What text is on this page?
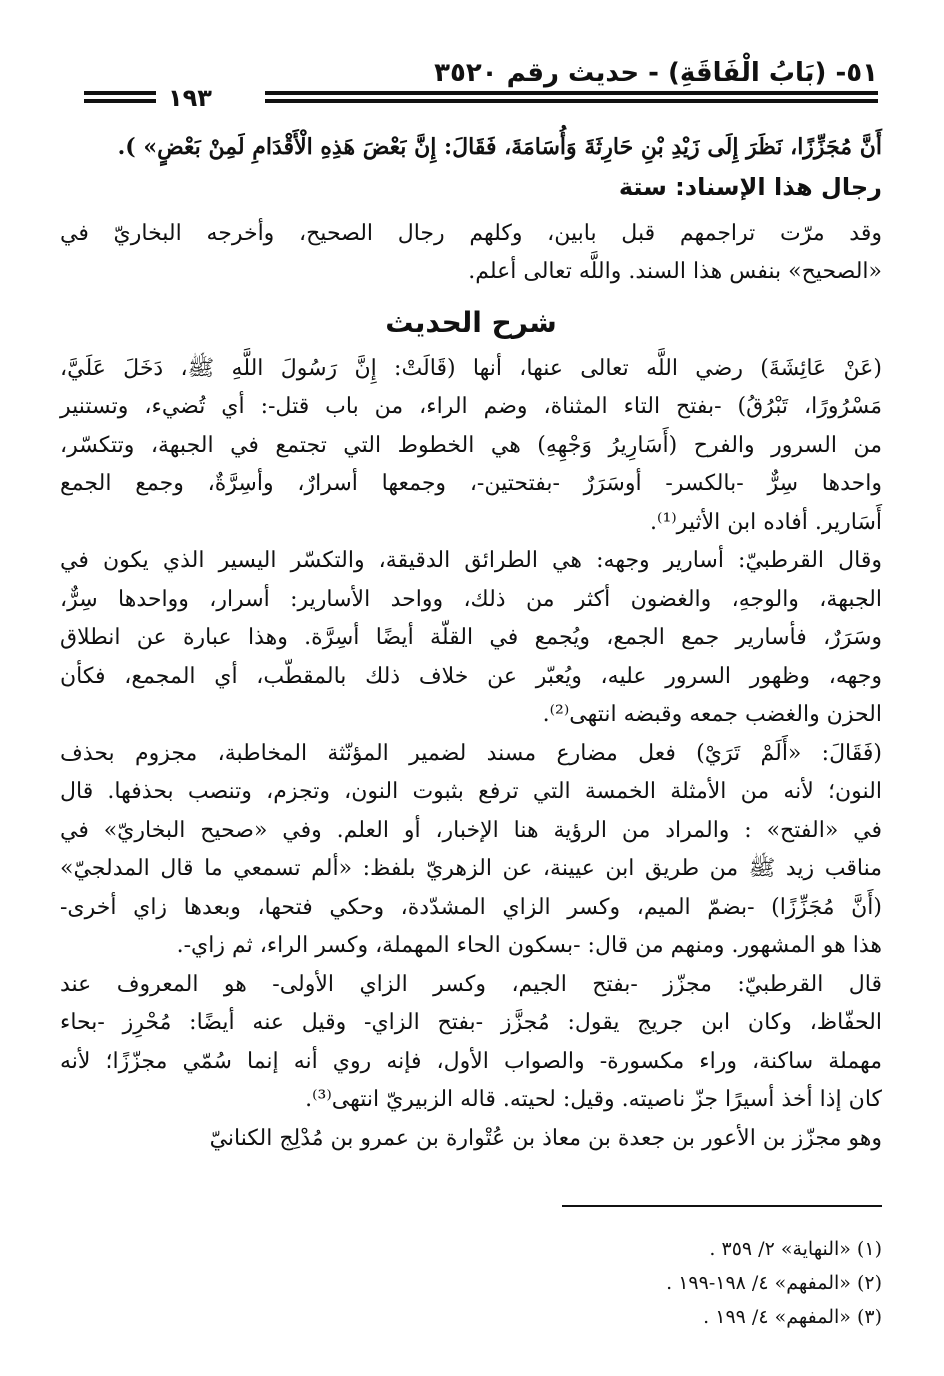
٥١- (بَابُ الْفَاقَةِ) - حديث رقم ٣٥٢٠
١٩٣
أَنَّ مُجَزِّزًا، نَظَرَ إِلَى زَيْدِ بْنِ حَارِثَةَ وَأُسَامَةَ، فَقَالَ: إِنَّ بَعْضَ هَذِهِ الْأَقْدَامِ لَمِنْ بَعْضٍ» ).
رجال هذا الإسناد: ستة
وقد مرّت تراجمهم قبل بابين، وكلهم رجال الصحيح، وأخرجه البخاريّ في
«الصحيح» بنفس هذا السند. واللَّه تعالى أعلم.
شرح الحديث
(عَنْ عَائِشَةَ) رضي اللَّه تعالى عنها، أنها (قَالَتْ: إِنَّ رَسُولَ اللَّهِ ﷺ، دَخَلَ عَلَيَّ،
مَسْرُورًا، تَبْرُقُ) -بفتح التاء المثناة، وضم الراء، من باب قتل-: أي تُضيء، وتستنير
من السرور والفرح (أَسَارِيرُ وَجْهِهِ) هي الخطوط التي تجتمع في الجبهة، وتتكسّر،
واحدها سِرٌّ -بالكسر- أوسَرَرٌ -بفتحتين-، وجمعها أسرارٌ، وأسِرَّةٌ، وجمع الجمع
أَسَارير. أفاده ابن الأثير⁽¹⁾.
وقال القرطبيّ: أسارير وجهه: هي الطرائق الدقيقة، والتكسّر اليسير الذي يكون في
الجبهة، والوجهِ، والغضون أكثر من ذلك، وواحد الأسارير: أسرار، وواحدها سِرٌّ،
وسَرَرٌ، فأسارير جمع الجمع، ويُجمع في القلّة أيضًا أسِرَّة. وهذا عبارة عن انطلاق
وجهه، وظهور السرور عليه، ويُعبّر عن خلاف ذلك بالمقطّب، أي المجمع، فكأن
الحزن والغضب جمعه وقبضه انتهى⁽²⁾.
(فَقَالَ: «أَلَمْ تَرَيْ) فعل مضارع مسند لضمير المؤنّثة المخاطبة، مجزوم بحذف
النون؛ لأنه من الأمثلة الخمسة التي ترفع بثبوت النون، وتجزم، وتنصب بحذفها. قال
في «الفتح» : والمراد من الرؤية هنا الإخبار، أو العلم. وفي «صحيح البخاريّ» في
مناقب زيد ﷺ من طريق ابن عيينة، عن الزهريّ بلفظ: «ألم تسمعي ما قال المدلجيّ»
(أَنَّ مُجَزِّزًا) -بضمّ الميم، وكسر الزاي المشدّدة، وحكي فتحها، وبعدها زاي أخرى-
هذا هو المشهور. ومنهم من قال: -بسكون الحاء المهملة، وكسر الراء، ثم زاي-.
قال القرطبيّ: مجزّز -بفتح الجيم، وكسر الزاي الأولى- هو المعروف عند
الحفّاظ، وكان ابن جريج يقول: مُجزَّز -بفتح الزاي- وقيل عنه أيضًا: مُحْرِز -بحاء
مهملة ساكنة، وراء مكسورة- والصواب الأول، فإنه روي أنه إنما سُمّي مجزّزًا؛ لأنه
كان إذا أخذ أسيرًا جزّ ناصيته. وقيل: لحيته. قاله الزبيريّ انتهى⁽³⁾.
وهو مجزّز بن الأعور بن جعدة بن معاذ بن عُتْوارة بن عمرو بن مُدْلِج الكنانيّ
(١) «النهاية» ٢/ ٣٥٩ .
(٢) «المفهم» ٤/ ١٩٨-١٩٩ .
(٣) «المفهم» ٤/ ١٩٩ .
